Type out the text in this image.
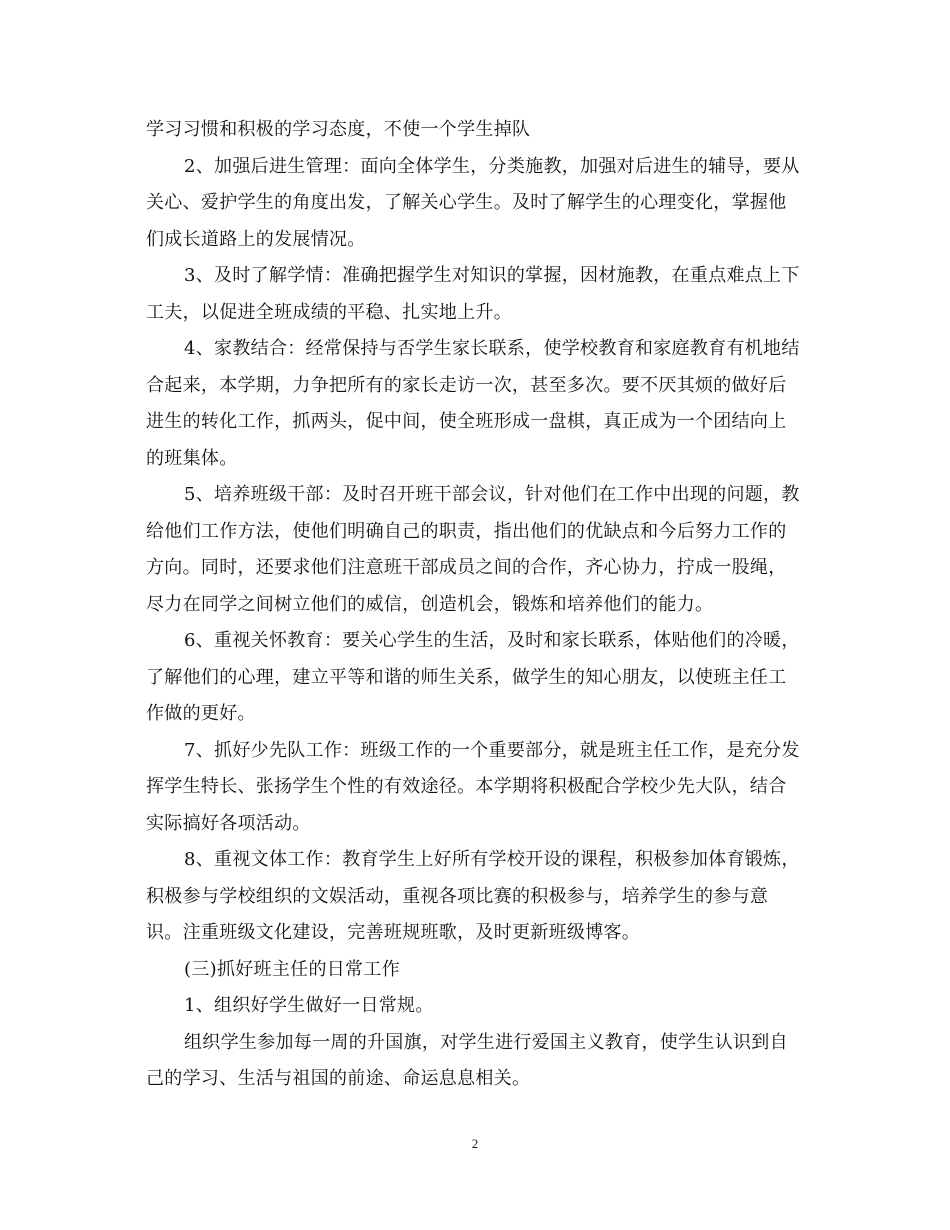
学习习惯和积极的学习态度，不使一个学生掉队
2、加强后进生管理：面向全体学生，分类施教，加强对后进生的辅导，要从
关心、爱护学生的角度出发，了解关心学生。及时了解学生的心理变化，掌握他
们成长道路上的发展情况。
3、及时了解学情：准确把握学生对知识的掌握，因材施教，在重点难点上下
工夫，以促进全班成绩的平稳、扎实地上升。
4、家教结合：经常保持与否学生家长联系，使学校教育和家庭教育有机地结
合起来，本学期，力争把所有的家长走访一次，甚至多次。要不厌其烦的做好后
进生的转化工作，抓两头，促中间，使全班形成一盘棋，真正成为一个团结向上
的班集体。
5、培养班级干部：及时召开班干部会议，针对他们在工作中出现的问题，教
给他们工作方法，使他们明确自己的职责，指出他们的优缺点和今后努力工作的
方向。同时，还要求他们注意班干部成员之间的合作，齐心协力，拧成一股绳，
尽力在同学之间树立他们的威信，创造机会，锻炼和培养他们的能力。
6、重视关怀教育：要关心学生的生活，及时和家长联系，体贴他们的冷暖，
了解他们的心理，建立平等和谐的师生关系，做学生的知心朋友，以使班主任工
作做的更好。
7、抓好少先队工作：班级工作的一个重要部分，就是班主任工作，是充分发
挥学生特长、张扬学生个性的有效途径。本学期将积极配合学校少先大队，结合
实际搞好各项活动。
8、重视文体工作：教育学生上好所有学校开设的课程，积极参加体育锻炼，
积极参与学校组织的文娱活动，重视各项比赛的积极参与，培养学生的参与意
识。注重班级文化建设，完善班规班歌，及时更新班级博客。
(三)抓好班主任的日常工作
1、组织好学生做好一日常规。
组织学生参加每一周的升国旗，对学生进行爱国主义教育，使学生认识到自
己的学习、生活与祖国的前途、命运息息相关。
2
